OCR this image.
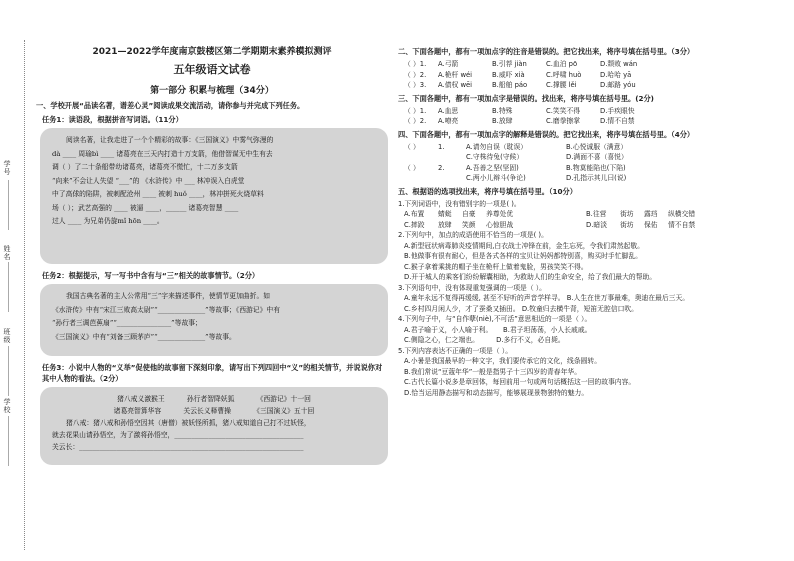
学号
姓名
班级
学校
2021—2022学年度南京鼓楼区第二学期期末素养模拟测评
五年级语文试卷
第一部分 积累与梳理（34分）
一、学校开展“品读名著，谱差心灵”阅读成果交流活动，请你参与并完成下列任务。
任务1：读语段，根据拼音写词语。（11分）

阅读名著，让我走进了一个个精彩的故事：《三国演义》中雾气弥漫的

dà ____ 周瑜bì ____ 诸葛亮在三天内打造十万支箭，他借智谋无中生有去

调（ ）了二十条船带幼诸葛亮，诸葛亮不慌忙，十二万多支箭

“向来”不会让人失望 “___”的 《水浒传》中 ___ 林冲误入白虎堂

中了高俅的陷阱，被刺配沧州 ____ 被刺 huǒ ____，林冲拼死火烧草料

场（ ）；武艺高强的 ____ 被逼 ____，______ 诸葛亮智慧 ____

过人 ____ 为兄弟仍旋mǐ hōn ____。

任务2：根据提示，写一写书中含有与“三”相关的故事情节。（2分）

我国古典名著的主人公常用“三”字来描述事件，使情节更加曲折。如

《水浒传》中有“宋江三败高太尉”“______________”等故事；《西游记》中有

“孙行者三调芭蕉扇”“________________”等故事；

《三国演义》中有“刘备三顾茅庐”“______________”等故事。

任务3：小说中人物的“义举”促使他的故事留下深刻印象，请写出下列四回中“义”的相关情节，并说说你对其中人物的看法。（2分）

猪八戒义激猴王	孙行者智降妖狐	《西游记》十一回

诸葛亮智算华容	关云长义释曹操	《三国演义》五十回

猪八戒：猪八戒和孙悟空因其（唐僧）被妖怪所抓，猪八戒知道自己打不过妖怪，

就去花果山请孙悟空，为了激将孙悟空，______________________________________

关云长：__________________________________________________________________

二、下面各题中，都有一项加点字的注音是错误的。把它找出来，将序号填在括号里。（3分）
（ ）1. A.弓箭	B.引荐 jiàn	C.血泊 pō	D.颓败 wán
（ ）2. A.桅杆 wéi	B.威吓 xià	C.呼啸 huò	D.哈哈 yā
（ ）3. A.债权 wēi	B.船舶 páo	C.撑腰 lěi	D.邮路 yóu
三、下面各题中，都有一项加点字是错误的。找出来，将序号填在括号里。(2分)
（ ）1. A.血思	B.特殊	C.笑笑不得	D.手疾眼快
（ ）2. A.嘹亮	B.放肆	C.磨拳擦掌	D.情不自禁
四、下面各题中，都有一项加点字的解释是错误的。把它找出来，将序号填在括号里。（4分）
（ ）	1.	A.请勿自误（耽误）	B.心悦诚服（满意）
C.守株待兔(守候）	D.满面不喜（喜悦）
（ ）	2.	A.吾善之坚(坚固)	B.物莫能陷也(下陷)
C.两小儿辩斗(争论)	D.孔指示其儿曰(说)
五、根据语的选项找出来，将序号填在括号里。（10分）
1.下列词语中，没有错别字的一项是( )。
A.布置 蜻蜓 自豪 养尊处优	B.往营 街坊 露珰 纵横交错
C.摔跤 放肆 笑颜 心惊胆战	D.暗淡 街坊 保佑 情不自禁
2.下列句中，加点的成语使用不恰当的一项是( )。
A.新型冠状病毒肺炎疫情期间,白衣战士冲锋在前，金生忘死，令我们肃然起敬。
B.他做事有很有耐心，但是各式各样的宝贝让妈妈都特别喜，购买时手忙脚乱。
C.猴子拿着乘挑的帽子坐在桅杆上做着鬼脸，男孩笑笑不得。
D.开于城人的乘客们纷纷解囊相助，为救助人们的生命安全，给了我们最大的帮助。
3.下列语句中，没有体现重复强调的一项是（ ）。
A.童年永远不复得再缓缓, 甚至不好听的声音学样寻。 B.人生在世万事最难，奥迪在最后三天。
C.乡村四月闲人少，才了蚕桑又插田。 D.牧童归去横牛背，短笛无腔信口吹。
4.下列句子中，与“自作孽(niè),不可活”意思相近的一项是（ ）。
A.君子喻于义，小人喻于利。     B.君子坦荡荡，小人长戚戚。
C.侧隐之心，仁之端也。        D.多行不义，必自毙。
5.下列内容表达不正确的一项是（ ）。
A.小暑是我国最早的一种文字，我们要传承它的文化，线条圆转。
B.我们常说“豆蔻年华”一般是指男子十三四岁的青春年华。
C.古代长篇小说多是章回体，每回前用一句或两句话概括这一回的故事内容。
D.恰当运用静态描写和动态描写，能够展现景物独特的魅力。
